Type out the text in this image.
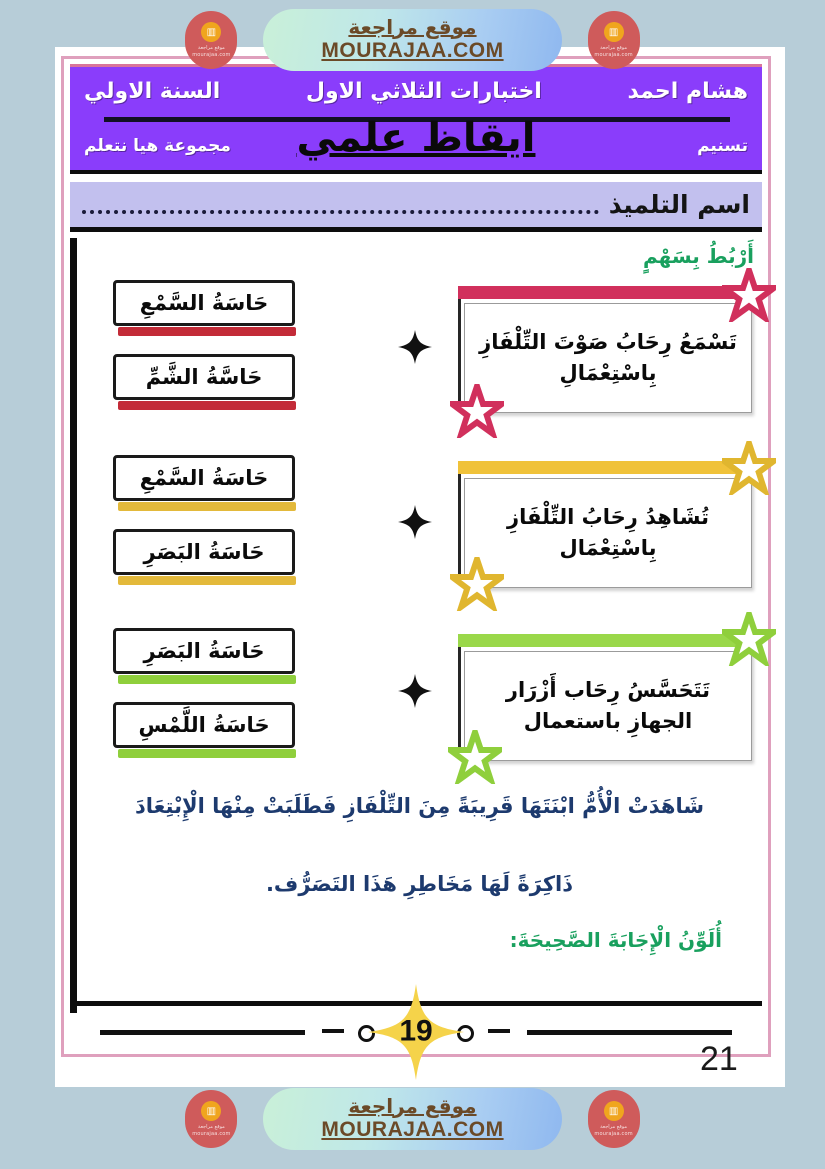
▥
موقع مراجعة
mourajaa.com
موقع مراجعة
MOURAJAA.COM
▥
موقع مراجعة
mourajaa.com
هشام احمد
اختبارات الثلاثي الاول
السنة الاولي
تسنيم
مجموعة هيا نتعلم	ايقاظ علمي
اسم التلميذ
أَرْبُطُ بِسَهْمٍ
تَسْمَعُ رِحَابُ صَوْتَ التِّلْفَازِ بِاسْتِعْمَالِ
حَاسَةُ السَّمْعِ
حَاسَّةُ الشَّمِّ
تُشَاهِدُ رِحَابُ التِّلْفَازِ بِاسْتِعْمَال
حَاسَةُ السَّمْعِ
حَاسَةُ البَصَرِ
تَتَحَسَّسُ رِحَاب أَزْرَار الجهازِ باستعمال
حَاسَةُ البَصَرِ
حَاسَةُ اللَّمْسِ
شَاهَدَتْ الْأُمُّ ابْنَتَهَا قَرِيبَةً مِنَ التِّلْفَازِ فَطَلَبَتْ مِنْهَا الْإِبْتِعَادَ
ذَاكِرَةً لَهَا مَخَاطِرِ هَذَا التَصَرُّف.
أُلَوِّنُ الْإِجَابَةَ الصَّحِيحَةَ:
19
21
▥
موقع مراجعة
mourajaa.com
موقع مراجعة
MOURAJAA.COM
▥
موقع مراجعة
mourajaa.com
